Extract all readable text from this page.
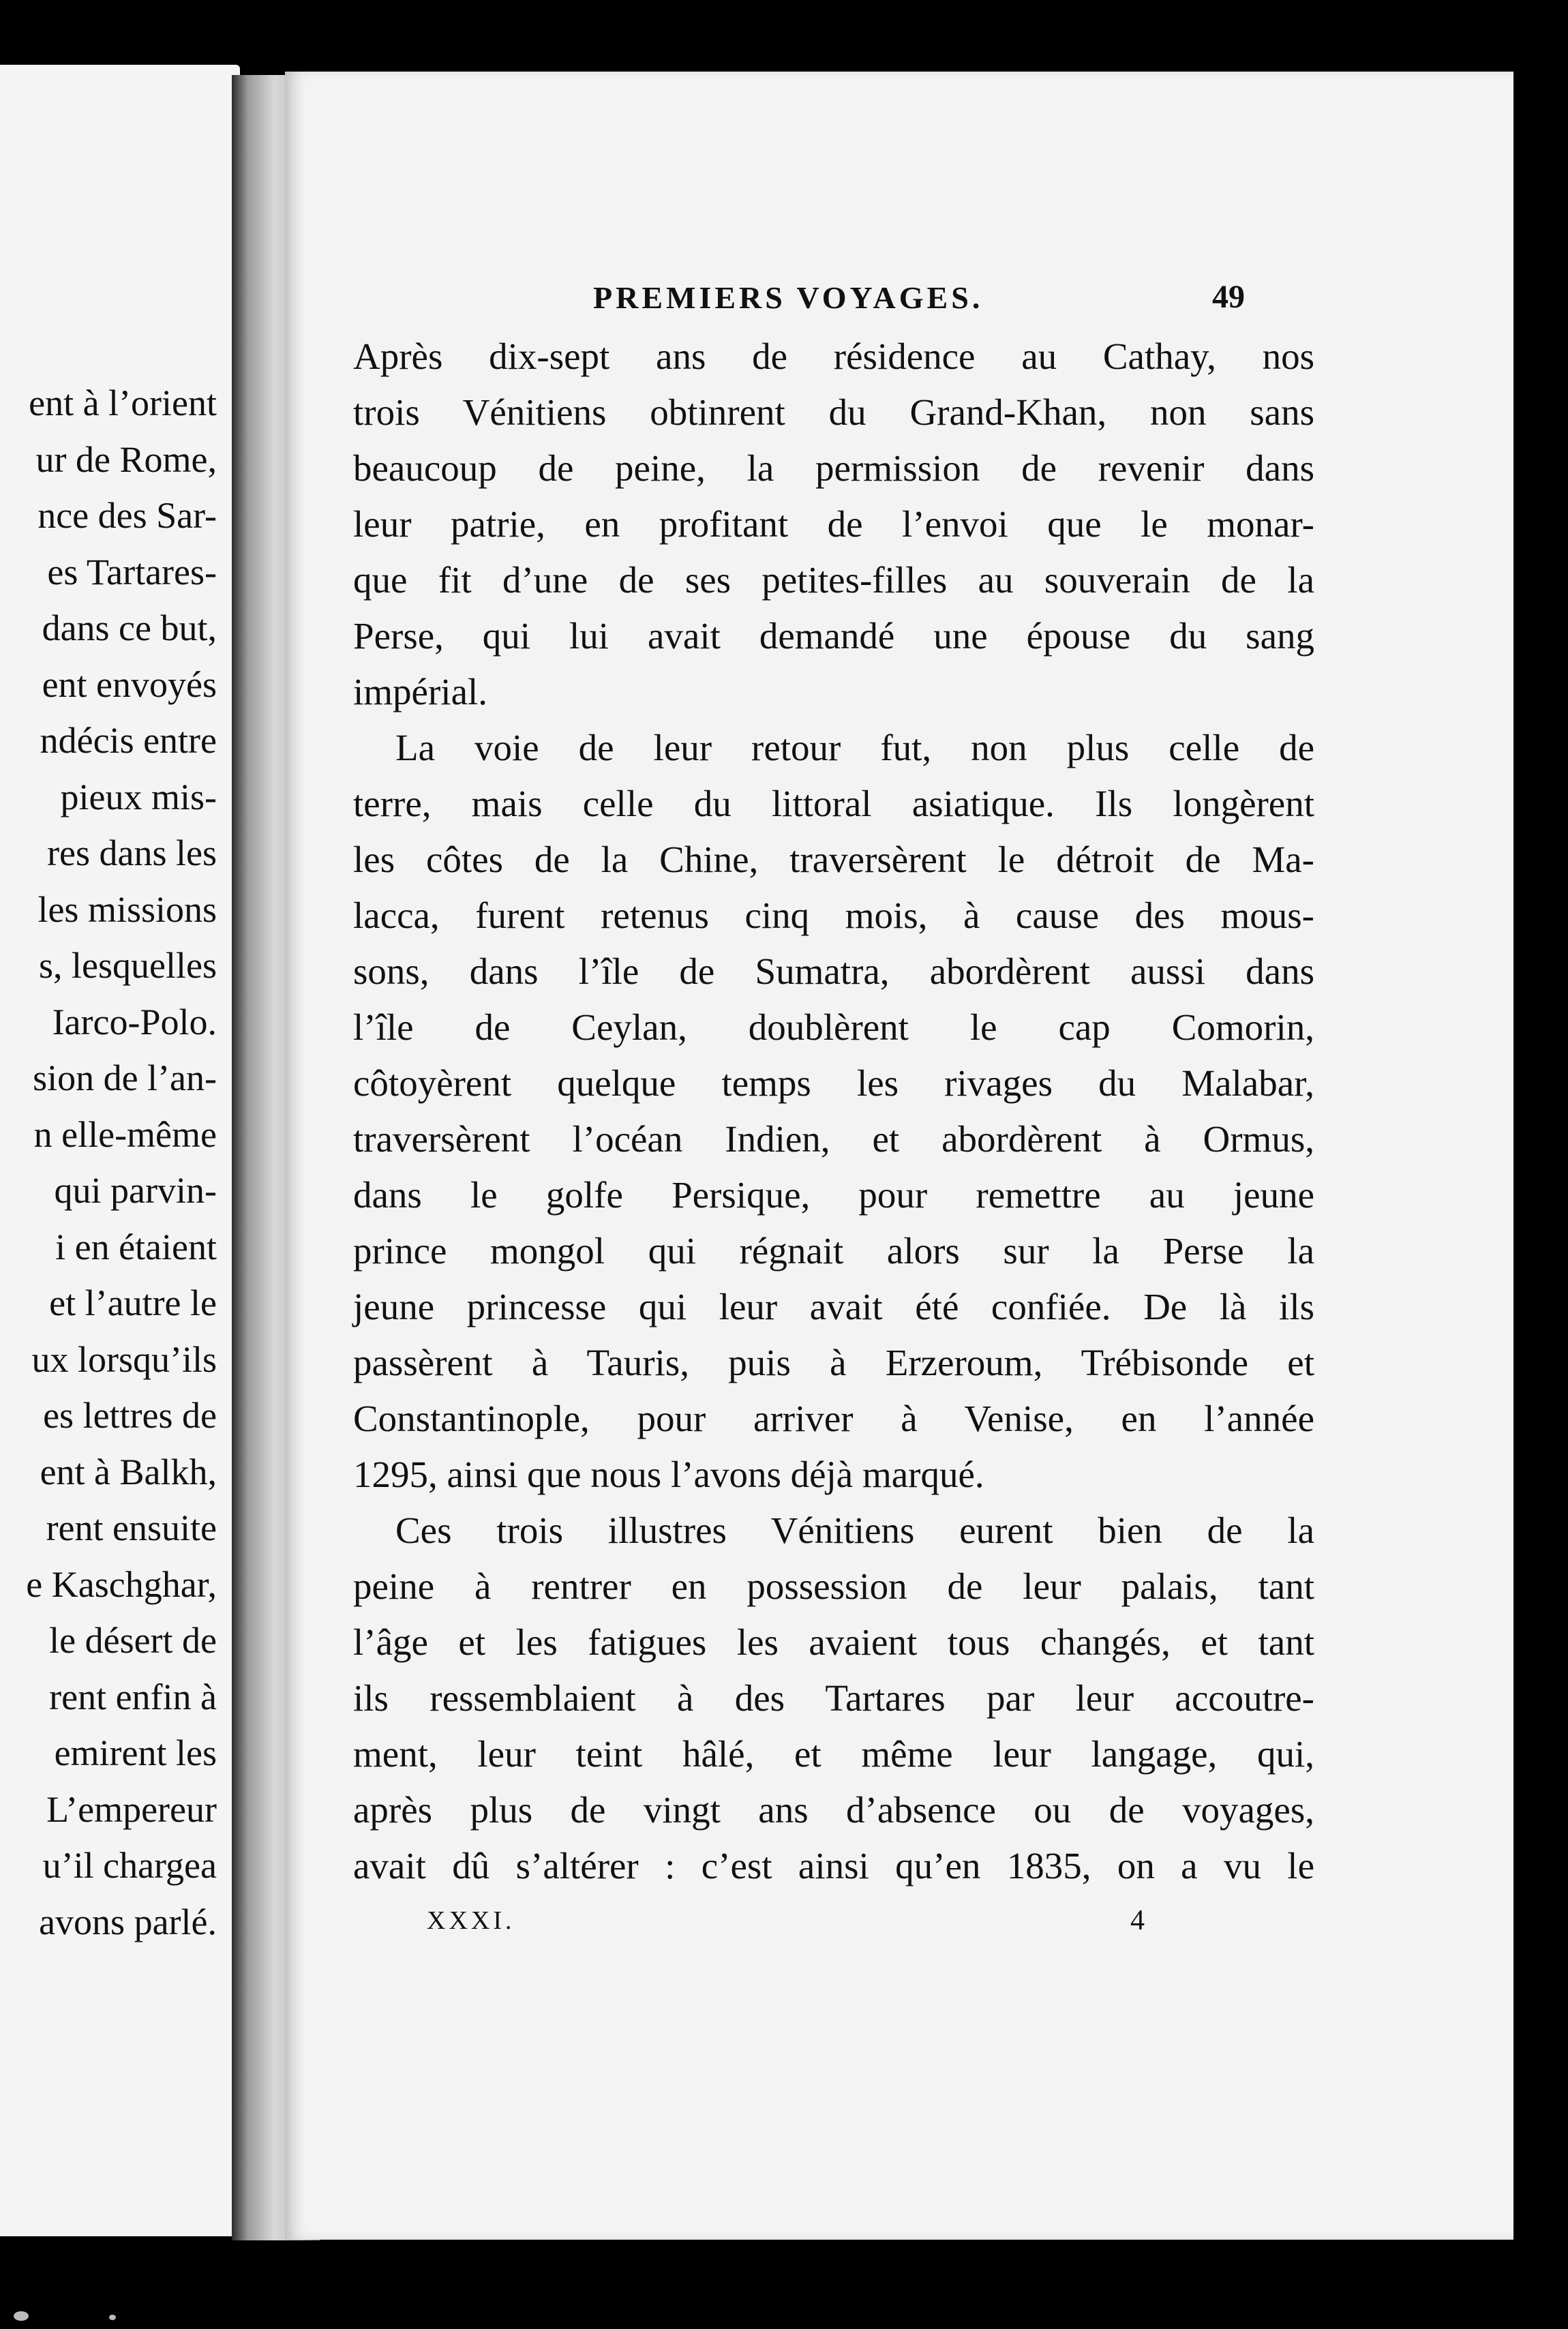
ent à l’orient
ur de Rome,
nce des Sar-
es Tartares-
dans ce but,
ent envoyés
ndécis entre
pieux mis-
res dans les
les missions
s, lesquelles
Iarco-Polo.
sion de l’an-
n elle-même
qui parvin-
i en étaient
et l’autre le
ux lorsqu’ils
es lettres de
ent à Balkh,
rent ensuite
e Kaschghar,
le désert de
rent enfin à
emirent les
L’empereur
u’il chargea
avons parlé.
PREMIERS VOYAGES.	49

Après dix-sept ans de résidence au Cathay, nos
trois Vénitiens obtinrent du Grand-Khan, non sans
beaucoup de peine, la permission de revenir dans
leur patrie, en profitant de l’envoi que le monar-
que fit d’une de ses petites-filles au souverain de la
Perse, qui lui avait demandé une épouse du sang
impérial.

La voie de leur retour fut, non plus celle de
terre, mais celle du littoral asiatique. Ils longèrent
les côtes de la Chine, traversèrent le détroit de Ma-
lacca, furent retenus cinq mois, à cause des mous-
sons, dans l’île de Sumatra, abordèrent aussi dans
l’île de Ceylan, doublèrent le cap Comorin,
côtoyèrent quelque temps les rivages du Malabar,
traversèrent l’océan Indien, et abordèrent à Ormus,
dans le golfe Persique, pour remettre au jeune
prince mongol qui régnait alors sur la Perse la
jeune princesse qui leur avait été confiée. De là ils
passèrent à Tauris, puis à Erzeroum, Trébisonde et
Constantinople, pour arriver à Venise, en l’année
1295, ainsi que nous l’avons déjà marqué.

Ces trois illustres Vénitiens eurent bien de la
peine à rentrer en possession de leur palais, tant
l’âge et les fatigues les avaient tous changés, et tant
ils ressemblaient à des Tartares par leur accoutre-
ment, leur teint hâlé, et même leur langage, qui,
après plus de vingt ans d’absence ou de voyages,
avait dû s’altérer : c’est ainsi qu’en 1835, on a vu le

XXXI.	4
